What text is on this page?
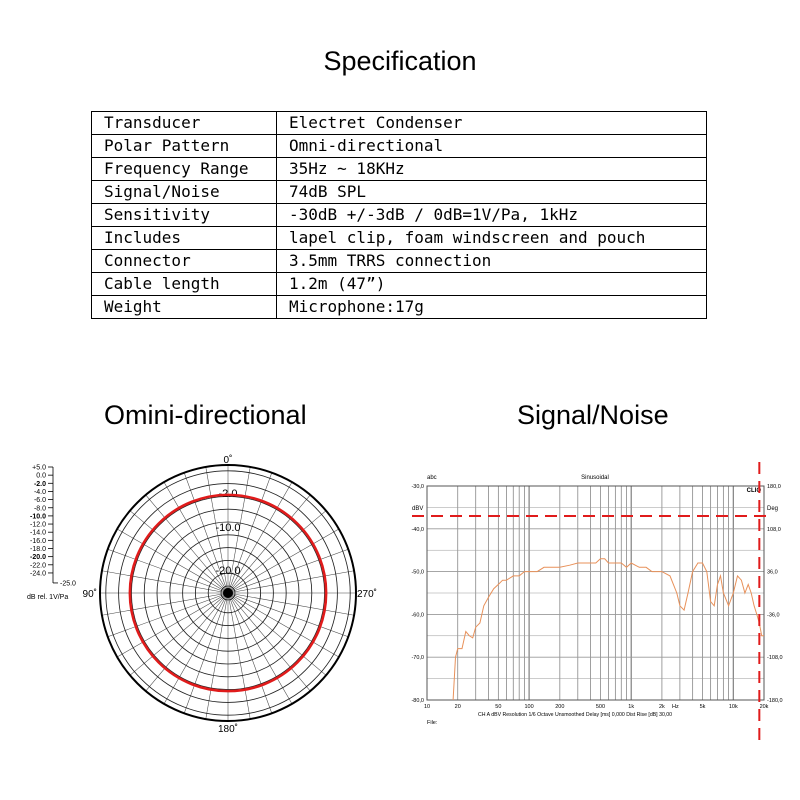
Specification
Transducer	Electret Condenser
Polar Pattern	Omni-directional
Frequency Range	35Hz ~ 18KHz
Signal/Noise	74dB SPL
Sensitivity	-30dB +/-3dB / 0dB=1V/Pa, 1kHz
Includes	lapel clip, foam windscreen and pouch
Connector	3.5mm TRRS connection
Cable length	1.2m (47”)
Weight	Microphone:17g
Omini-directional	Signal/Noise
+5.0
0.0
-2.0
-4.0
-6.0
-8.0
-10.0
-12.0
-14.0
-16.0
-18.0
-20.0
-22.0
-24.0
-25.0
dB rel. 1V/Pa
-2.0
-10.0
-20.0
0˚
90˚	270˚
180˚
abc	Sinusoidal
CLIO
dBV	Deg
-30,0
-40,0
-50,0
-60,0
-70,0
-80,0
180,0
108,0
36,0
-36,0
-108,0
-180,0
10	20	50	100	200	500	1k	2k	5k	10k	20k
Hz
CH A dBV Resolution 1/6 Octave Unsmoothed Delay [ms] 0,000 Dist Rise [dB] 30,00
File:
